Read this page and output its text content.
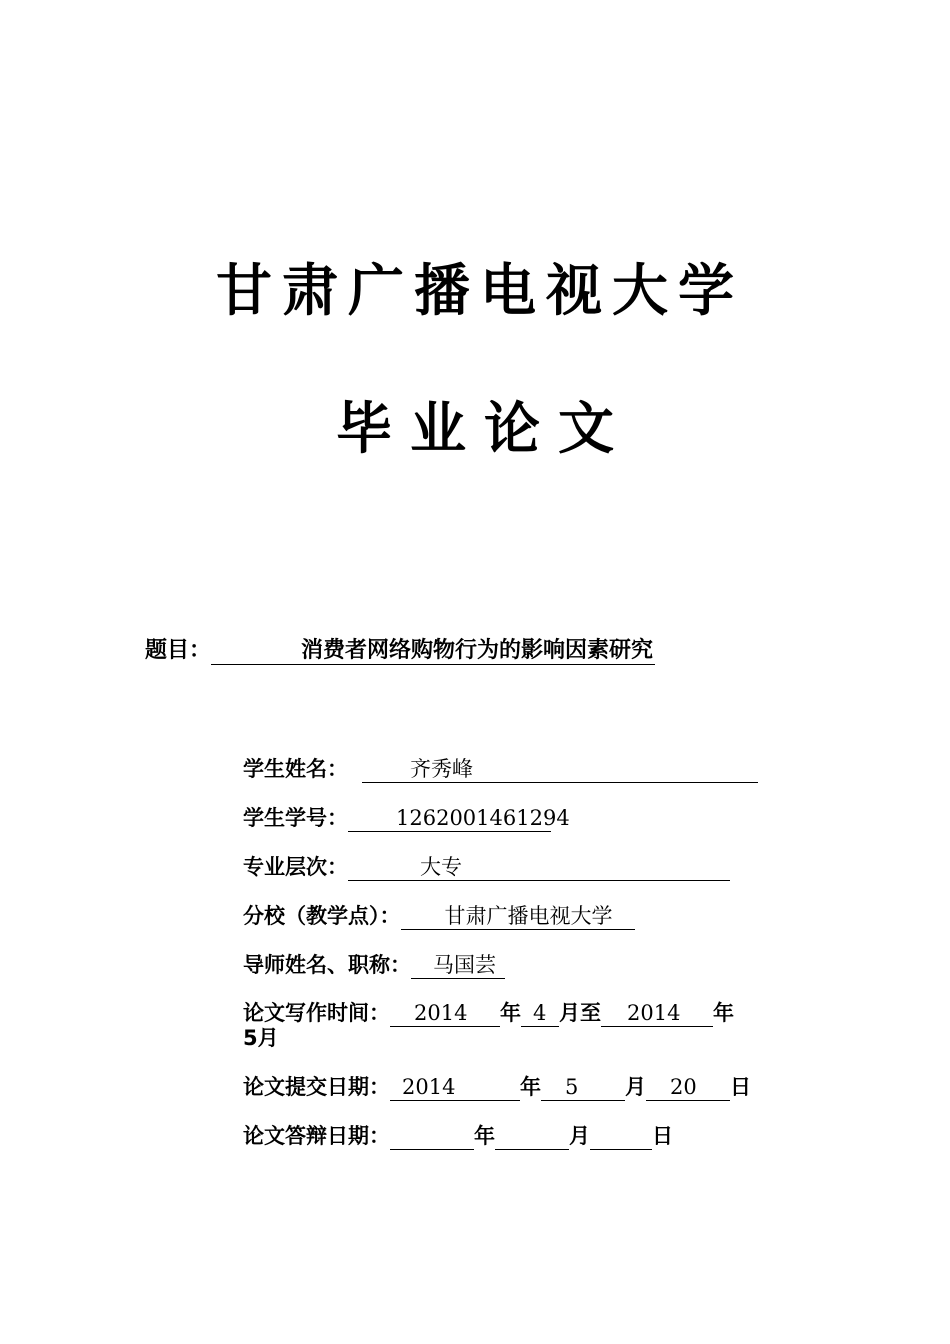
甘肃广播电视大学
毕业论文
题目：	消费者网络购物行为的影响因素研究
学生姓名：	齐秀峰
学生学号： 1262001461294
专业层次：	大专
分校（教学点）： 甘肃广播电视大学
导师姓名、职称： 马国芸
论文写作时间： 2014 年 4 月至 2014 年
5月
论文提交日期： 2014	年 5 月 20 日
论文答辩日期：	年	月	日
